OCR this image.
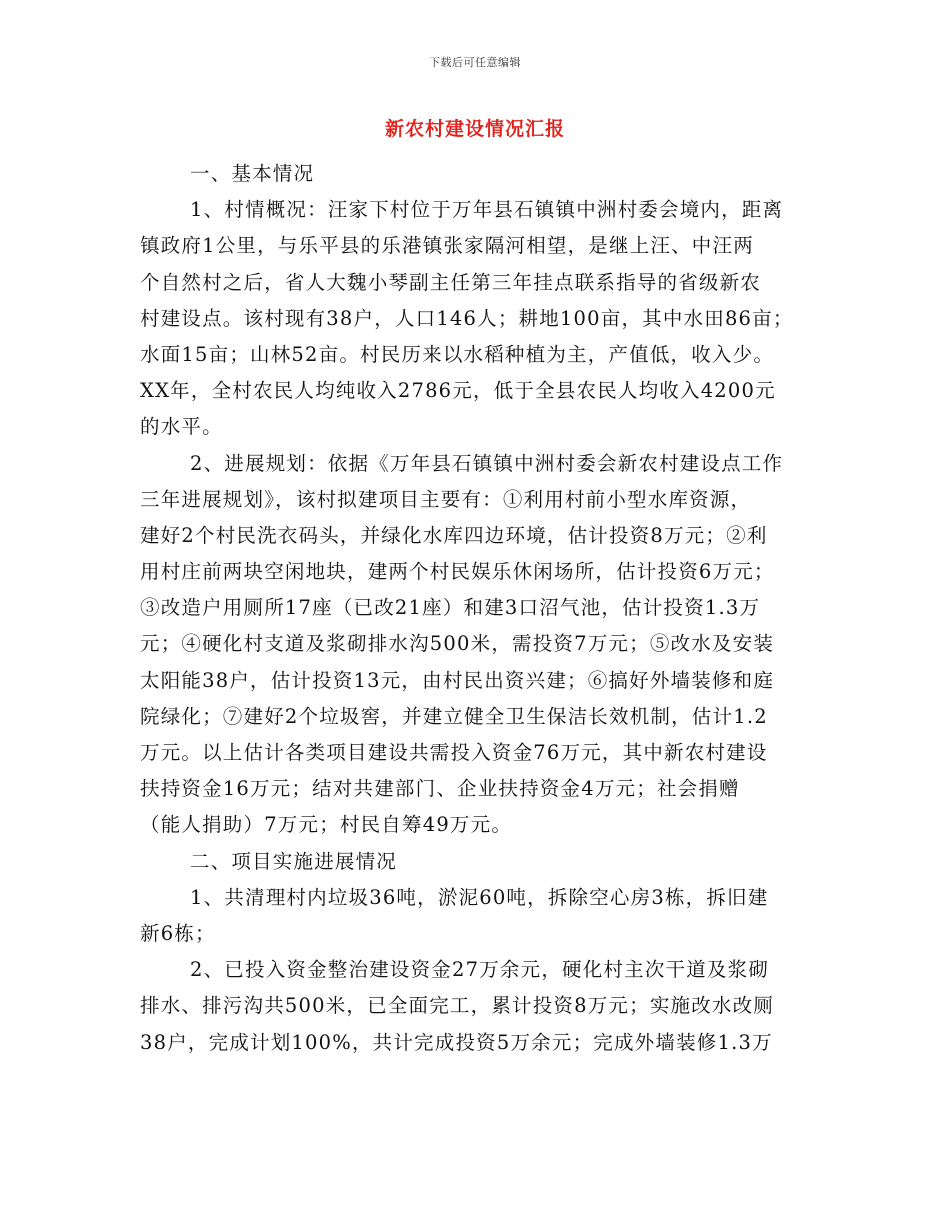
下载后可任意编辑
新农村建设情况汇报
一、基本情况
1、村情概况：汪家下村位于万年县石镇镇中洲村委会境内，距离
镇政府1公里，与乐平县的乐港镇张家隔河相望，是继上汪、中汪两
个自然村之后，省人大魏小琴副主任第三年挂点联系指导的省级新农
村建设点。该村现有38户，人口146人；耕地100亩，其中水田86亩；
水面15亩；山林52亩。村民历来以水稻种植为主，产值低，收入少。
XX年，全村农民人均纯收入2786元，低于全县农民人均收入4200元
的水平。
2、进展规划：依据《万年县石镇镇中洲村委会新农村建设点工作
三年进展规划》，该村拟建项目主要有：①利用村前小型水库资源，
建好2个村民洗衣码头，并绿化水库四边环境，估计投资8万元；②利
用村庄前两块空闲地块，建两个村民娱乐休闲场所，估计投资6万元；
③改造户用厕所17座（已改21座）和建3口沼气池，估计投资1.3万
元；④硬化村支道及浆砌排水沟500米，需投资7万元；⑤改水及安装
太阳能38户，估计投资13元，由村民出资兴建；⑥搞好外墙装修和庭
院绿化；⑦建好2个垃圾窖，并建立健全卫生保洁长效机制，估计1.2
万元。以上估计各类项目建设共需投入资金76万元，其中新农村建设
扶持资金16万元；结对共建部门、企业扶持资金4万元；社会捐赠
（能人捐助）7万元；村民自筹49万元。
二、项目实施进展情况
1、共清理村内垃圾36吨，淤泥60吨，拆除空心房3栋，拆旧建
新6栋；
2、已投入资金整治建设资金27万余元，硬化村主次干道及浆砌
排水、排污沟共500米，已全面完工，累计投资8万元；实施改水改厕
38户，完成计划100%，共计完成投资5万余元；完成外墙装修1.3万
